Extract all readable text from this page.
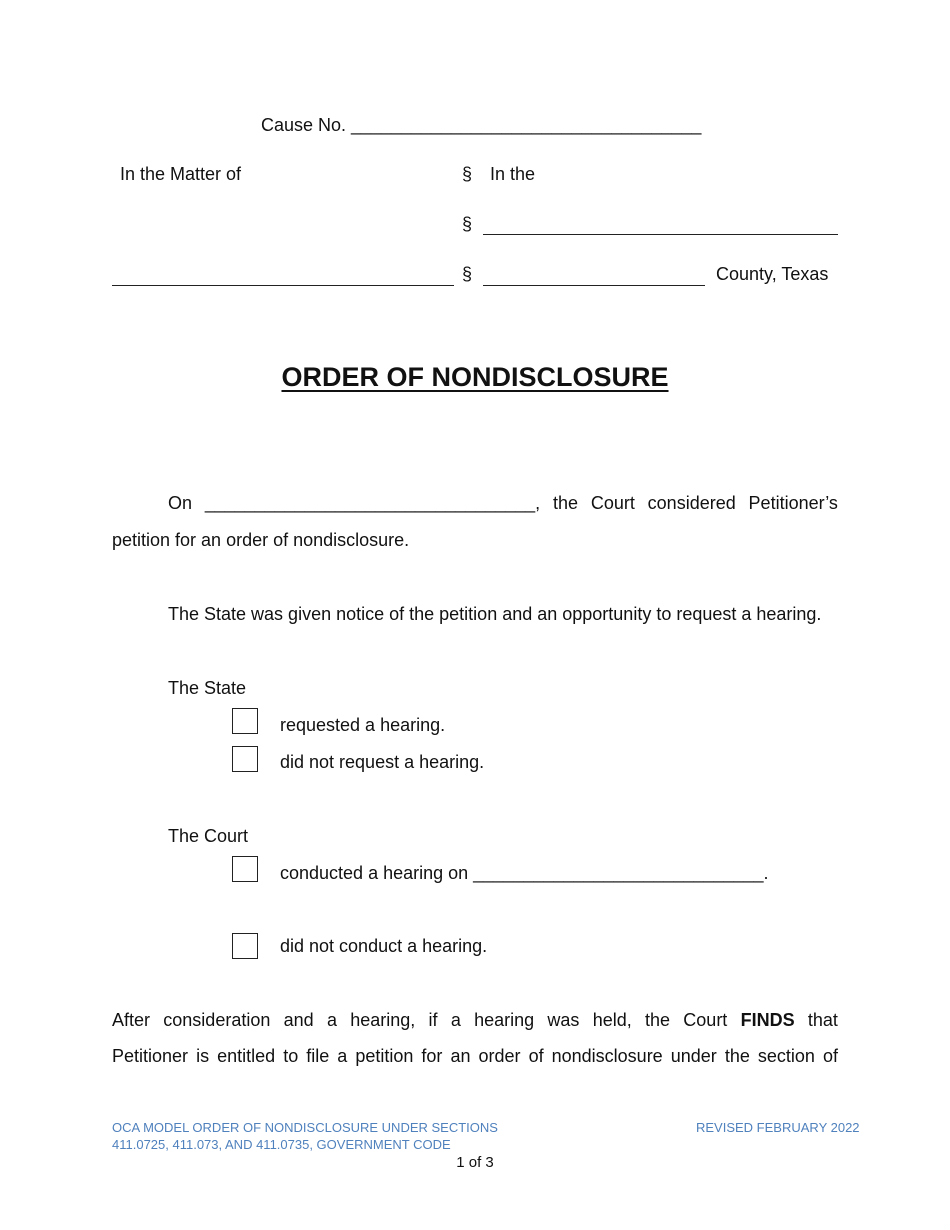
Cause No. ___________________________________
In the Matter of	§ In the
§
§	County, Texas
ORDER OF NONDISCLOSURE
On _________________________________, the Court considered Petitioner’s
petition for an order of nondisclosure.
The State was given notice of the petition and an opportunity to request a hearing.
The State
requested a hearing.
did not request a hearing.
The Court
conducted a hearing on _____________________________.
did not conduct a hearing.
After consideration and a hearing, if a hearing was held, the Court FINDS that
Petitioner is entitled to file a petition for an order of nondisclosure under the section of
OCA MODEL ORDER OF NONDISCLOSURE UNDER SECTIONS
411.0725, 411.073, AND 411.0735, GOVERNMENT CODE
REVISED FEBRUARY 2022
1 of 3
